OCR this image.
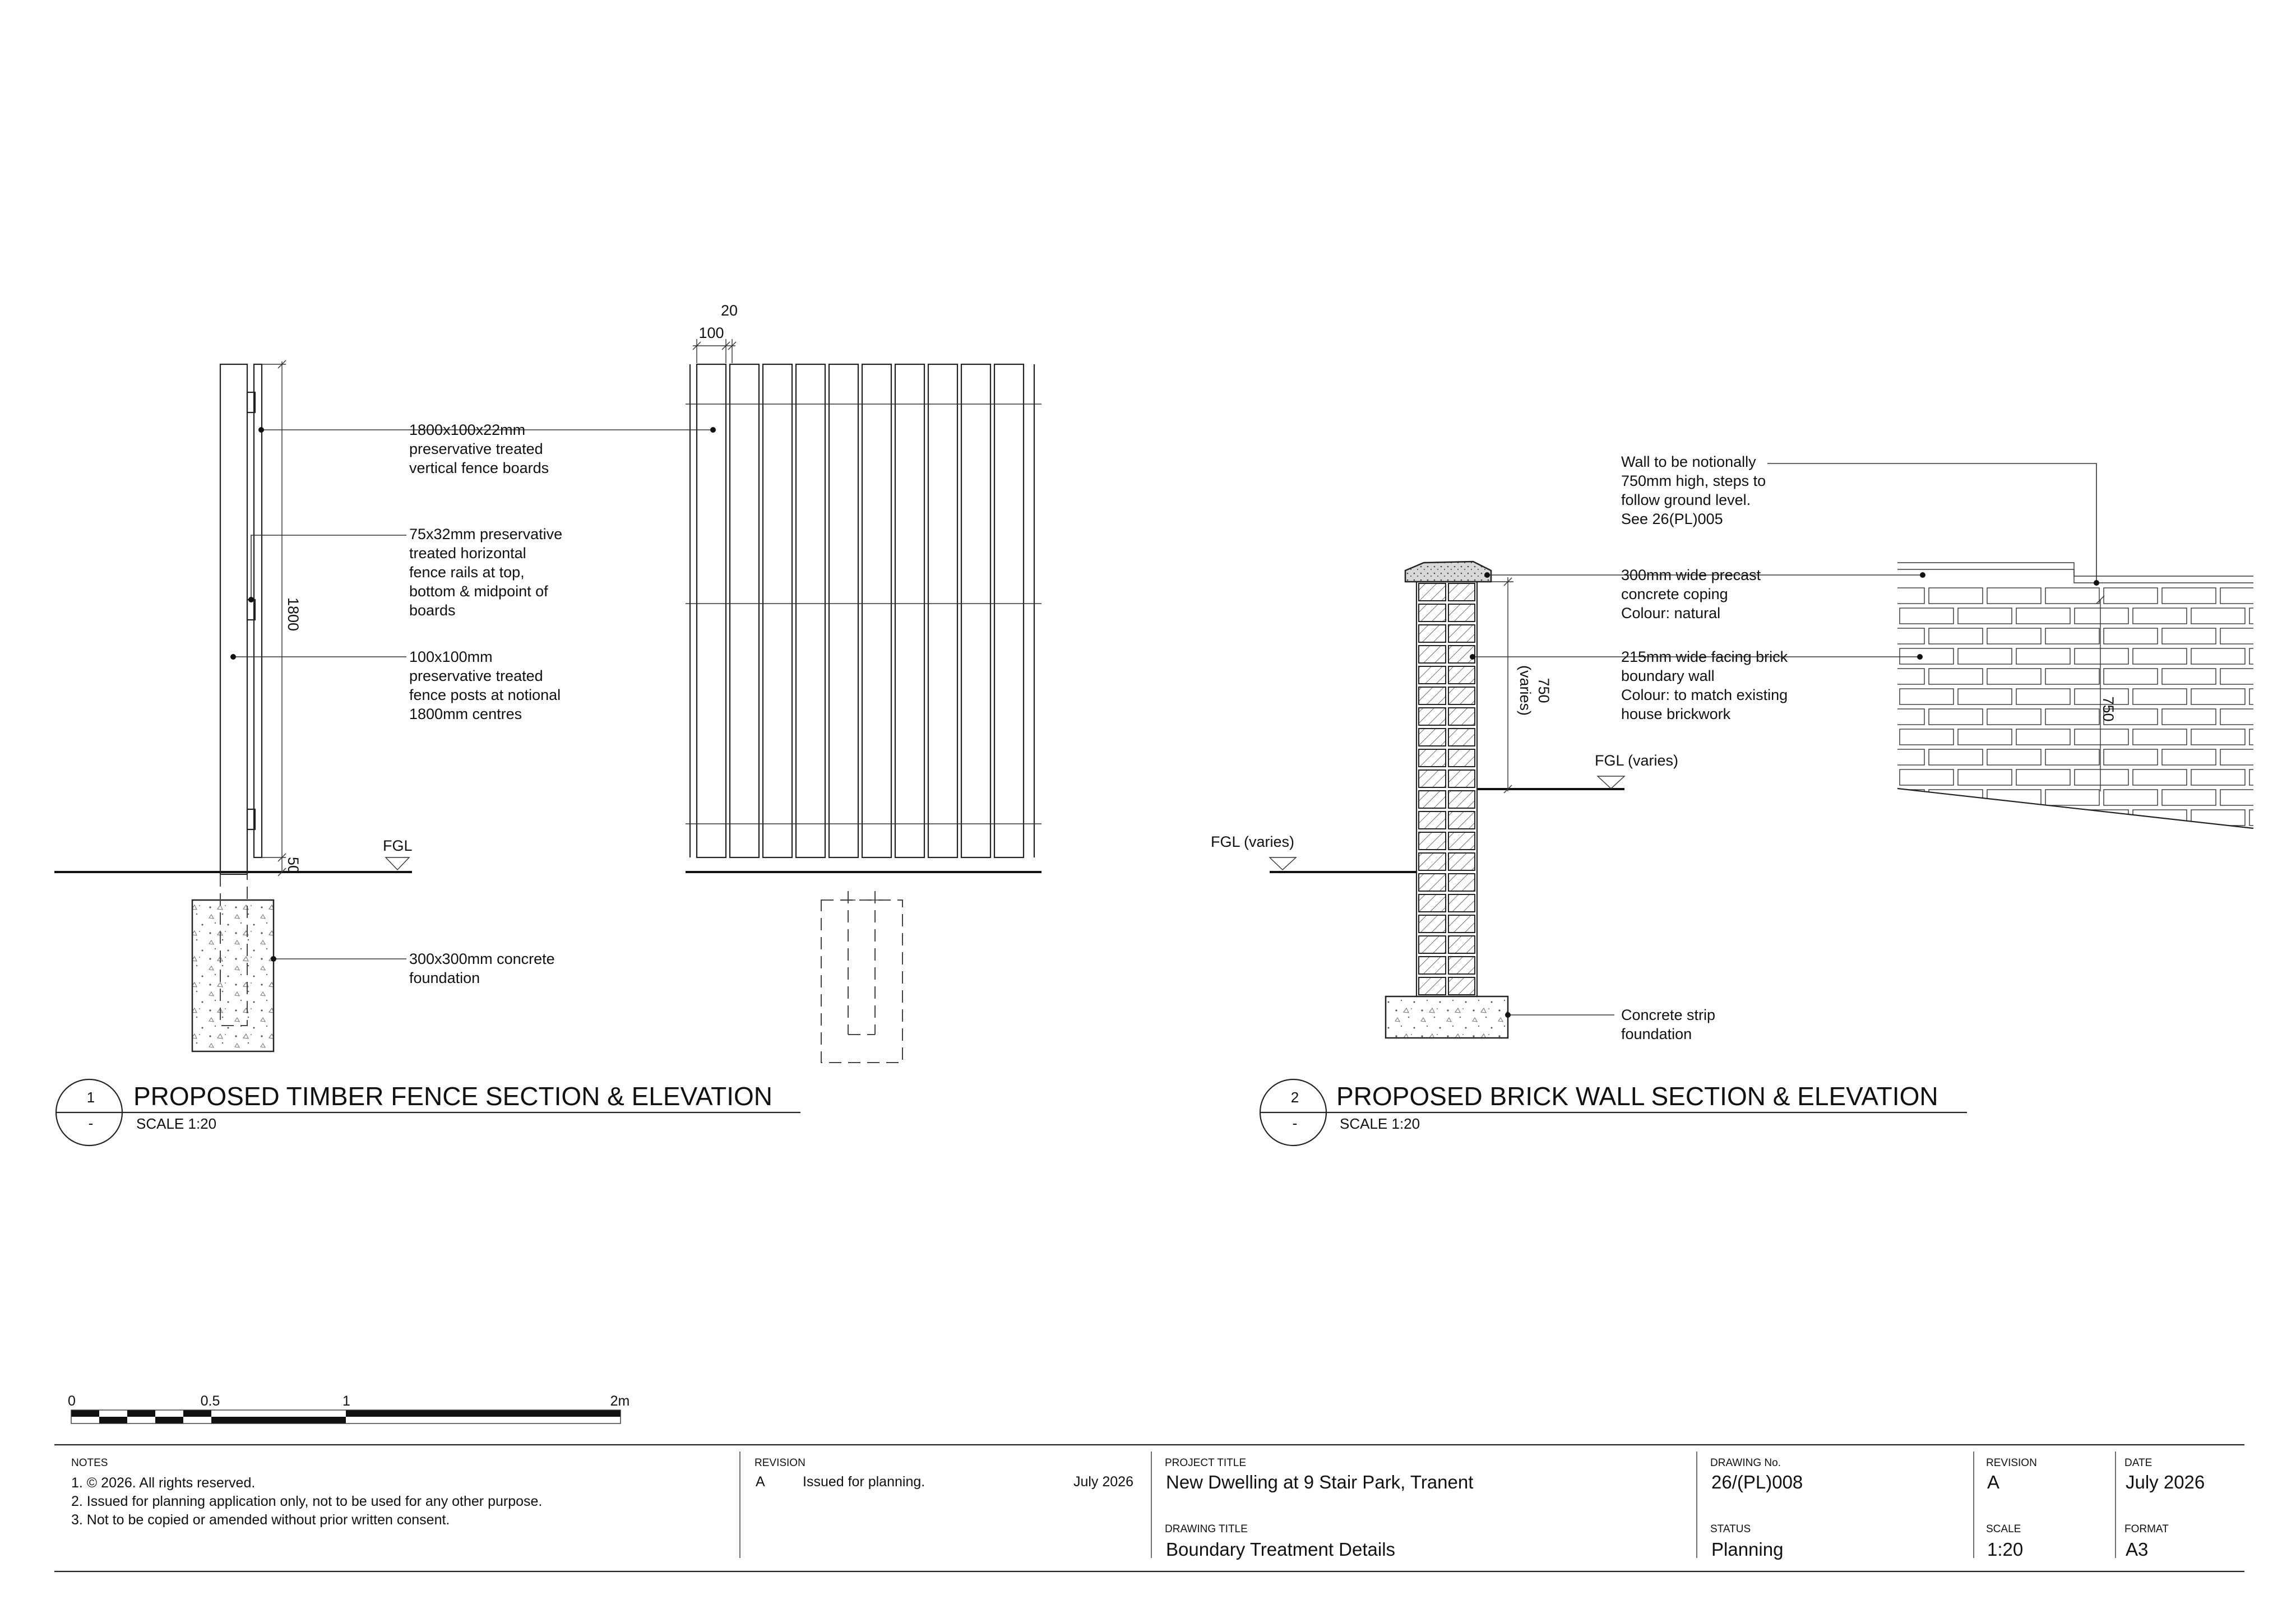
1800
50
FGL
100
20
1800x100x22mm
preservative treated
vertical fence boards
75x32mm preservative
treated horizontal
fence rails at top,
bottom & midpoint of
boards
100x100mm
preservative treated
fence posts at notional
1800mm centres
300x300mm concrete
foundation
1
-
PROPOSED TIMBER FENCE SECTION & ELEVATION
SCALE 1:20
FGL (varies)
FGL (varies)
750
(varies)	750
Wall to be notionally
750mm high, steps to
follow ground level.
See 26(PL)005
300mm wide precast
concrete coping
Colour: natural
215mm wide facing brick
boundary wall
Colour: to match existing
house brickwork
Concrete strip
foundation
2
-
PROPOSED BRICK WALL SECTION & ELEVATION
SCALE 1:20
0	0.5	1	2m
NOTES
1. © 2026. All rights reserved.
2. Issued for planning application only, not to be used for any other purpose.
3. Not to be copied or amended without prior written consent.
REVISION
A	Issued for planning.	July 2026
PROJECT TITLE
New Dwelling at 9 Stair Park, Tranent
DRAWING TITLE
Boundary Treatment Details
DRAWING No.
26/(PL)008
STATUS
Planning
REVISION
A
SCALE
1:20
DATE
July 2026
FORMAT
A3
